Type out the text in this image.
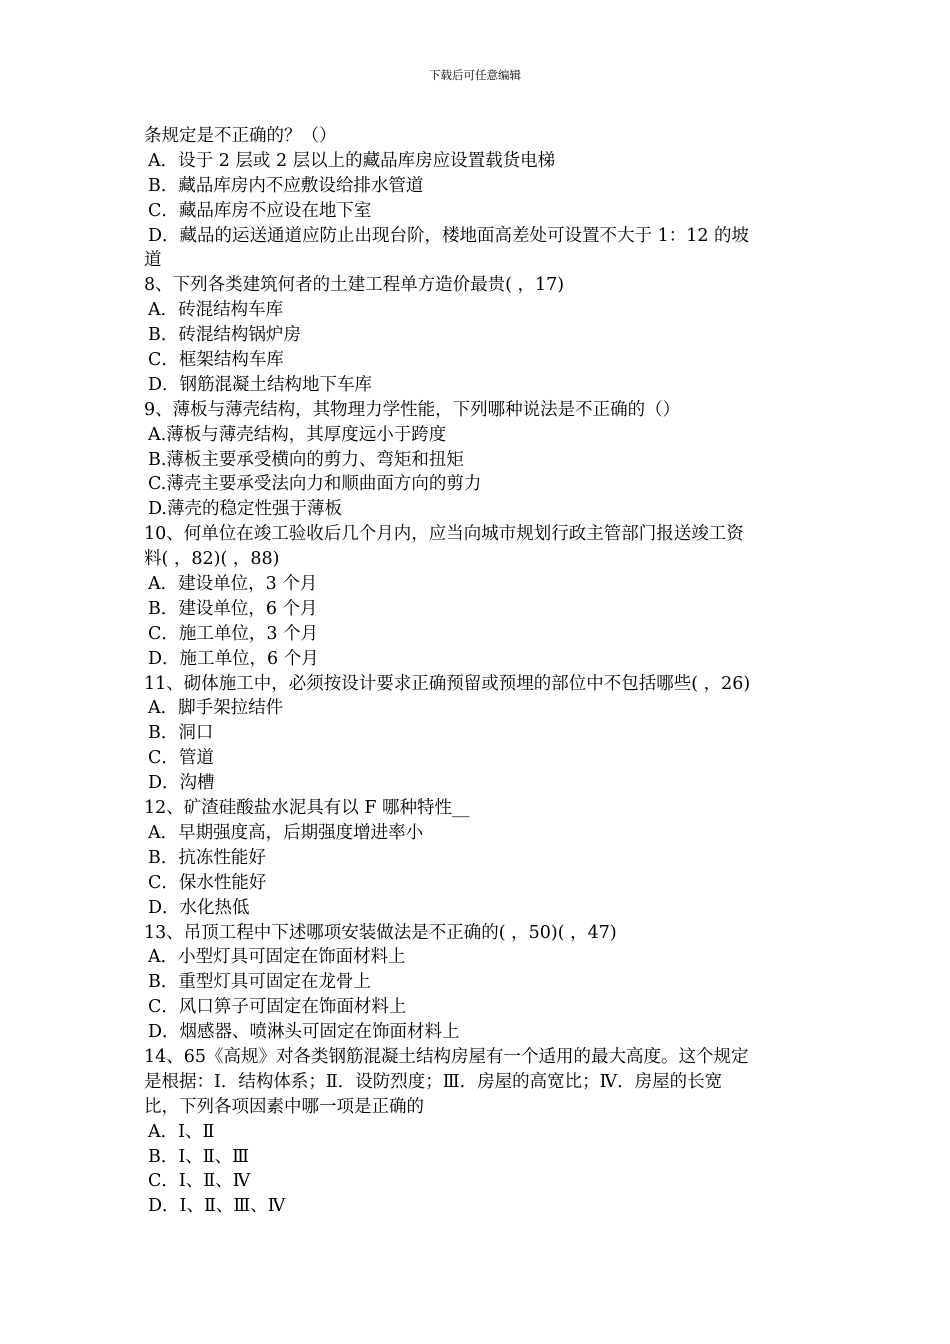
下载后可任意编辑
条规定是不正确的？（）
A．设于 2 层或 2 层以上的藏品库房应设置载货电梯
B．藏品库房内不应敷设给排水管道
C．藏品库房不应设在地下室
D．藏品的运送通道应防止出现台阶，楼地面高差处可设置不大于 1：12 的坡
道
8、下列各类建筑何者的土建工程单方造价最贵( ，17)
A．砖混结构车库
B．砖混结构锅炉房
C．框架结构车库
D．钢筋混凝土结构地下车库
9、薄板与薄壳结构，其物理力学性能，下列哪种说法是不正确的（）
A.薄板与薄壳结构，其厚度远小于跨度
B.薄板主要承受横向的剪力、弯矩和扭矩
C.薄壳主要承受法向力和顺曲面方向的剪力
D.薄壳的稳定性强于薄板
10、何单位在竣工验收后几个月内，应当向城市规划行政主管部门报送竣工资
料( ，82)( ，88)
A．建设单位，3 个月
B．建设单位，6 个月
C．施工单位，3 个月
D．施工单位，6 个月
11、砌体施工中，必须按设计要求正确预留或预埋的部位中不包括哪些( ，26)
A．脚手架拉结件
B．洞口
C．管道
D．沟槽
12、矿渣硅酸盐水泥具有以 F 哪种特性__
A．早期强度高，后期强度增进率小
B．抗冻性能好
C．保水性能好
D．水化热低
13、吊顶工程中下述哪项安装做法是不正确的( ，50)( ，47)
A．小型灯具可固定在饰面材料上
B．重型灯具可固定在龙骨上
C．风口箅子可固定在饰面材料上
D．烟感器、喷淋头可固定在饰面材料上
14、65《高规》对各类钢筋混凝土结构房屋有一个适用的最大高度。这个规定
是根据：Ⅰ．结构体系；Ⅱ．设防烈度；Ⅲ．房屋的高宽比；Ⅳ．房屋的长宽
比，下列各项因素中哪一项是正确的
A．Ⅰ、Ⅱ
B．Ⅰ、Ⅱ、Ⅲ
C．Ⅰ、Ⅱ、Ⅳ
D．Ⅰ、Ⅱ、Ⅲ、Ⅳ
